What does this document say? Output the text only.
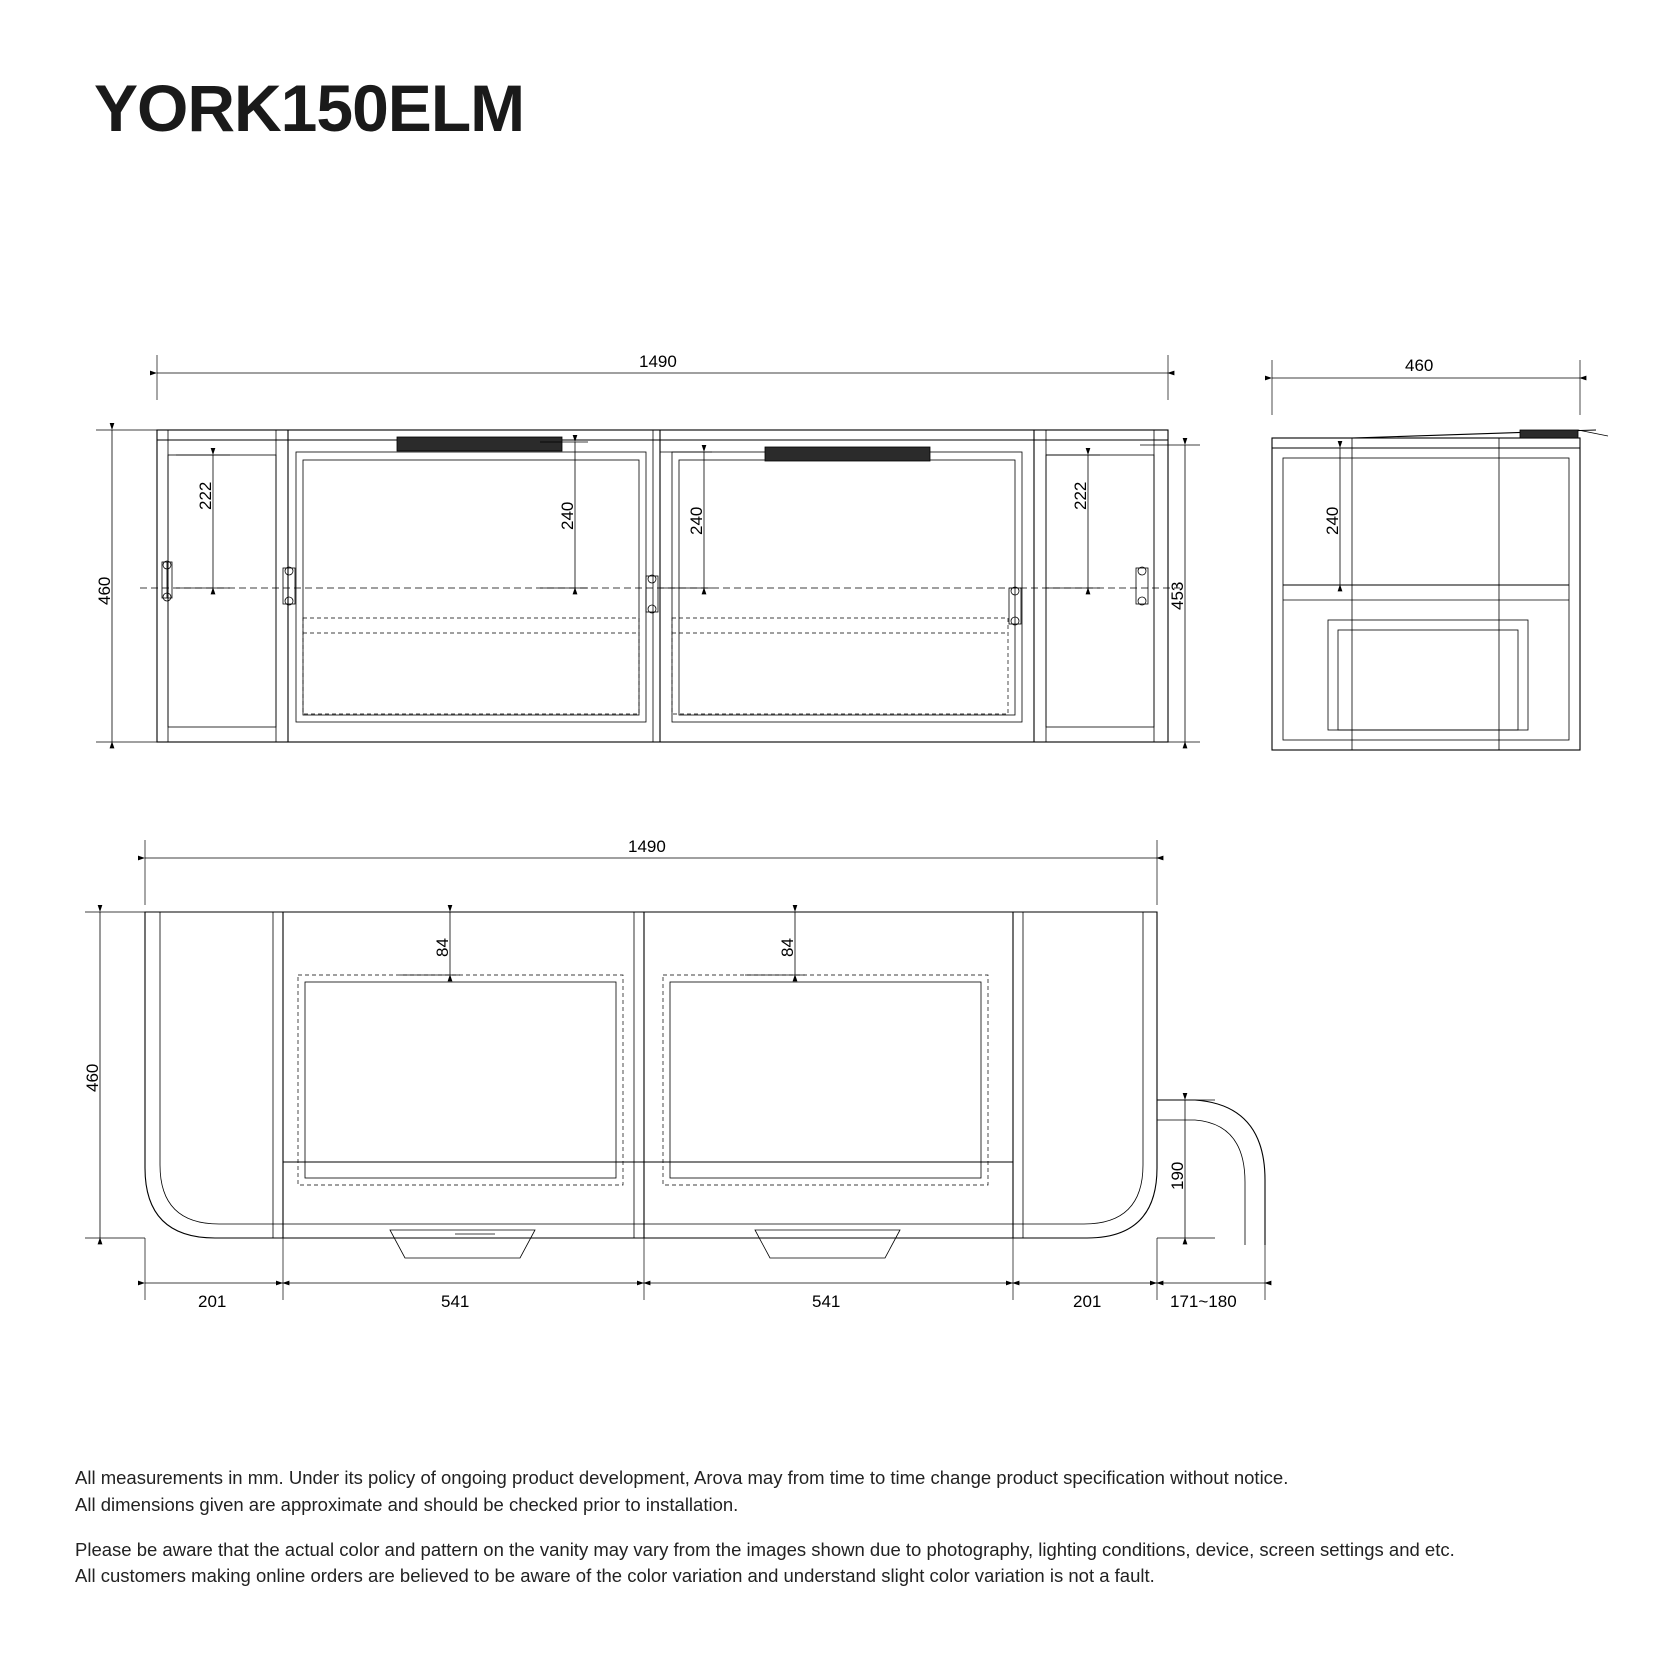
YORK150ELM
1490
460	453
222	222
240	240
460
240
1490
460
84	84
201	541	541	201	171~180
190

All measurements in mm. Under its policy of ongoing product development, Arova may from time to time change product specification without notice.
All dimensions given are approximate and should be checked prior to installation.

Please be aware that the actual color and pattern on the vanity may vary from the images shown due to photography, lighting conditions, device, screen settings and etc.
All customers making online orders are believed to be aware of the color variation and understand slight color variation is not a fault.
